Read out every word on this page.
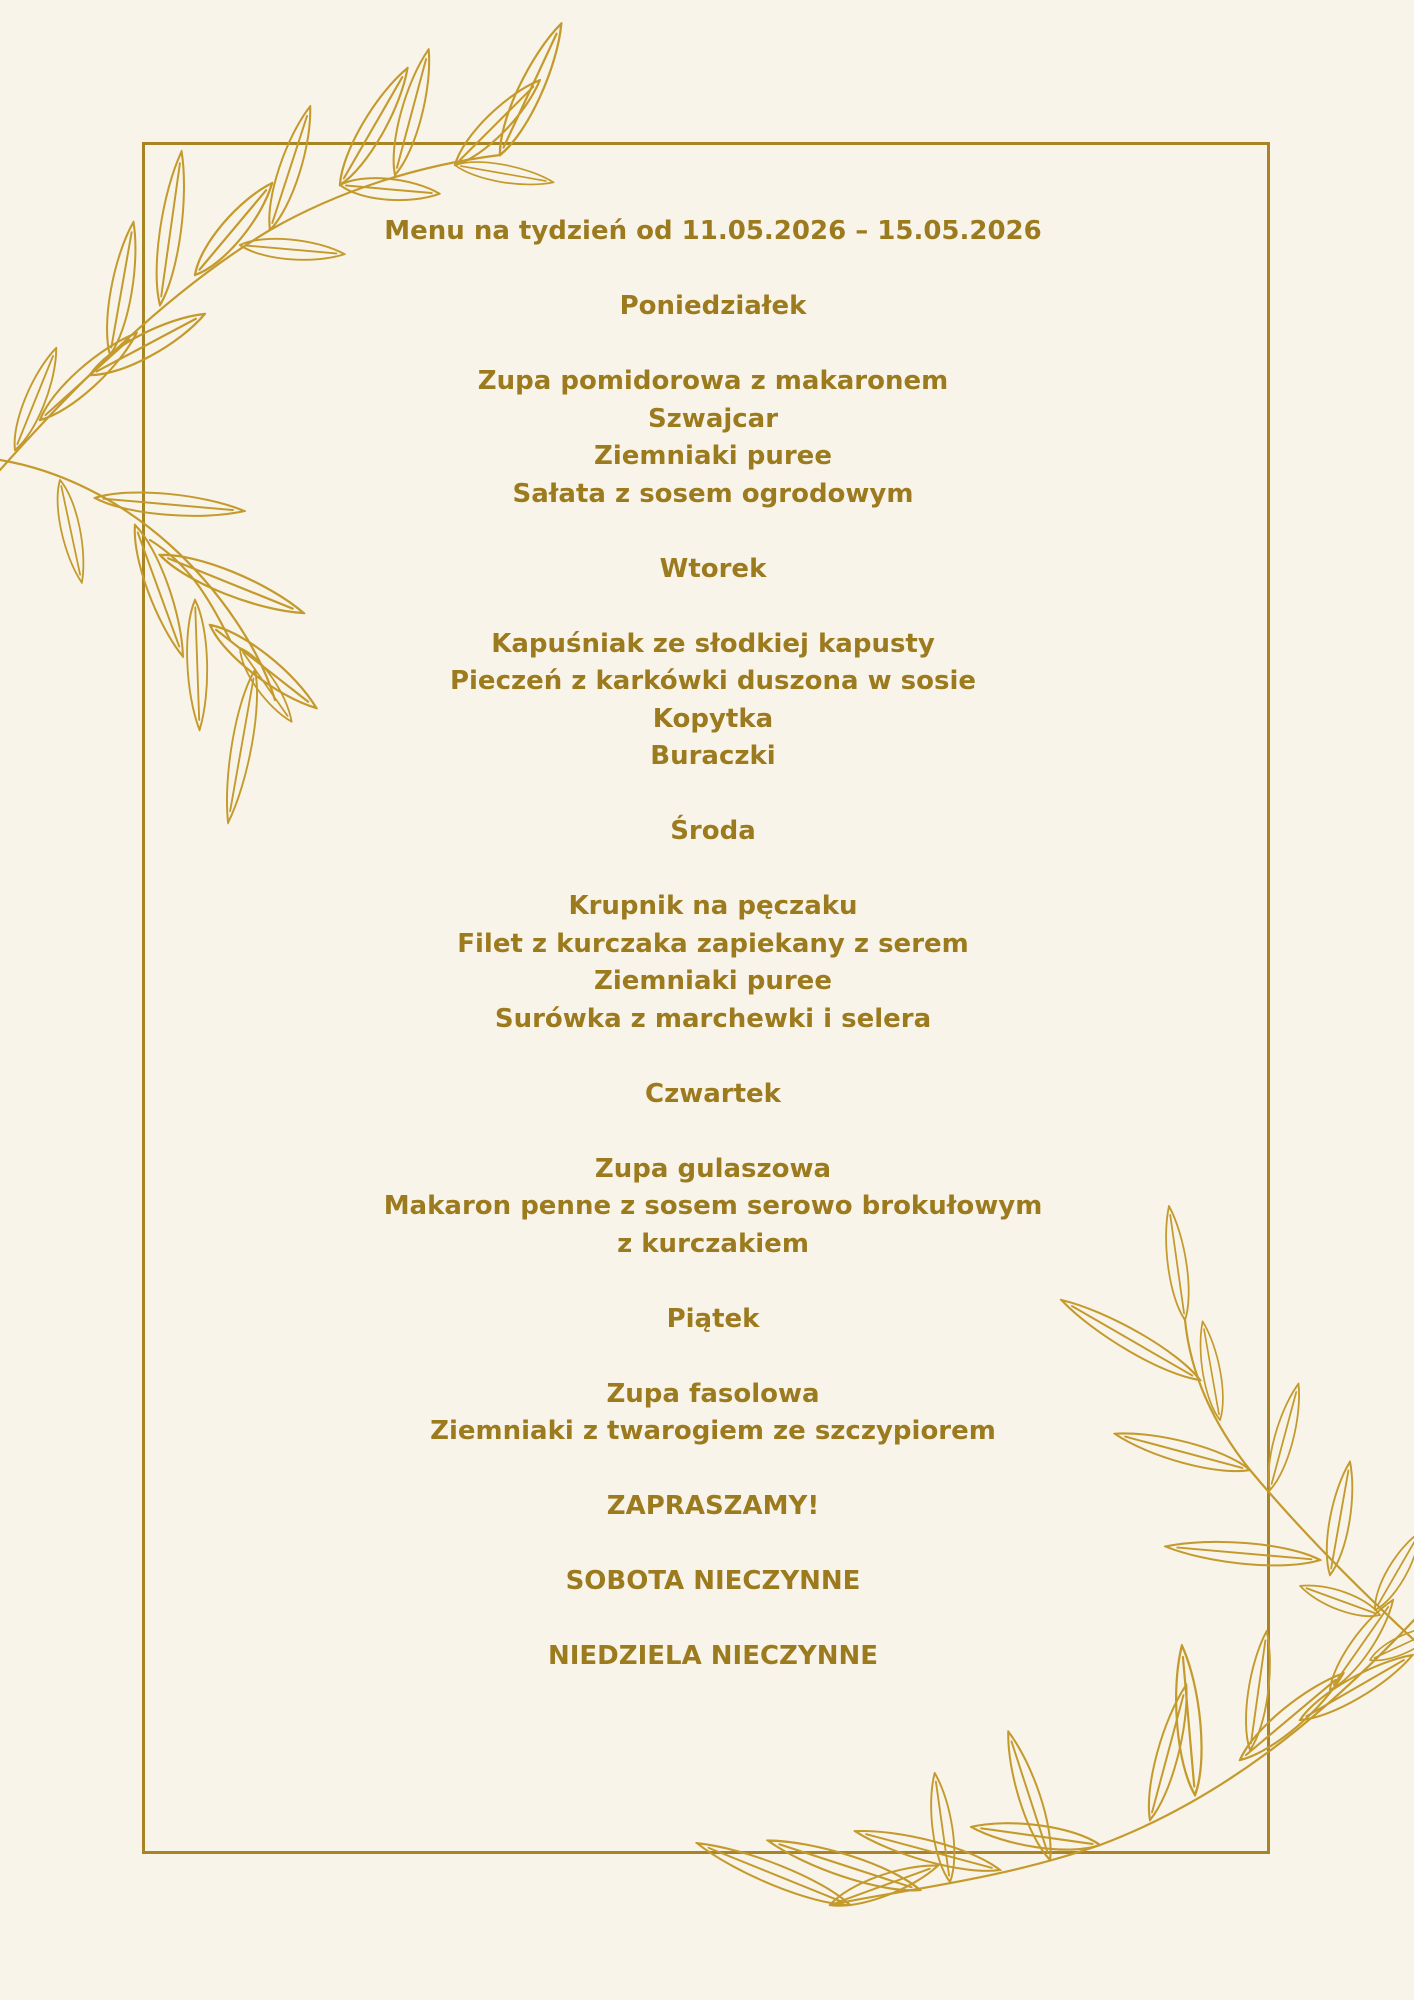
Menu na tydzień od 11.05.2026 – 15.05.2026
Poniedziałek
Zupa pomidorowa z makaronem
Szwajcar
Ziemniaki puree
Sałata z sosem ogrodowym
Wtorek
Kapuśniak ze słodkiej kapusty
Pieczeń z karkówki duszona w sosie
Kopytka
Buraczki
Środa
Krupnik na pęczaku
Filet z kurczaka zapiekany z serem
Ziemniaki puree
Surówka z marchewki i selera
Czwartek
Zupa gulaszowa
Makaron penne z sosem serowo brokułowym
z kurczakiem
Piątek
Zupa fasolowa
Ziemniaki z twarogiem ze szczypiorem
ZAPRASZAMY!
SOBOTA NIECZYNNE
NIEDZIELA NIECZYNNE
